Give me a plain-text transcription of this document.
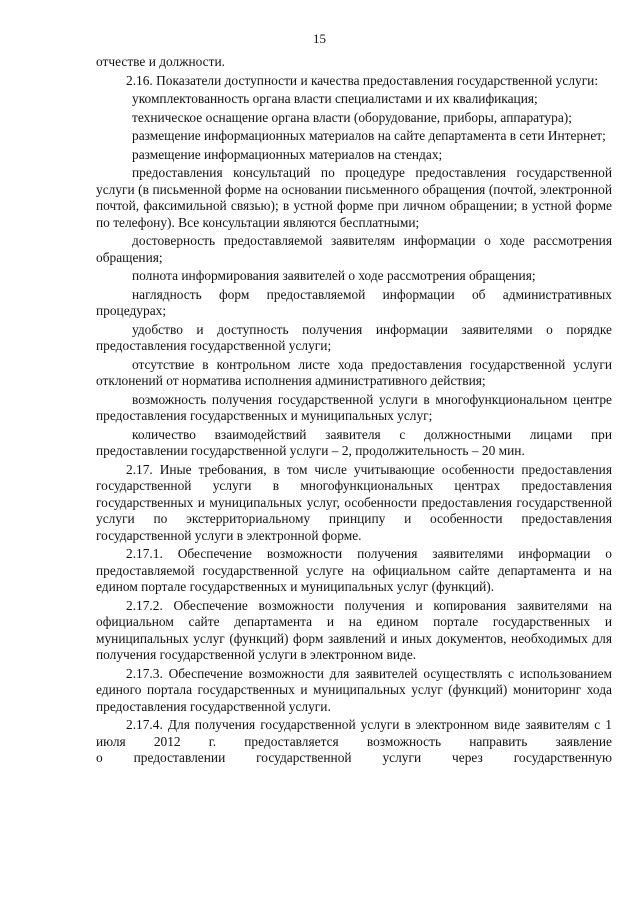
15

отчестве и должности.

2.16. Показатели доступности и качества предоставления государственной услуги:

укомплектованность органа власти специалистами и их квалификация;

техническое оснащение органа власти (оборудование, приборы, аппаратура);

размещение информационных материалов на сайте департамента в сети Интернет;

размещение информационных материалов на стендах;

предоставления консультаций по процедуре предоставления государственной услуги (в письменной форме на основании письменного обращения (почтой, электронной почтой, факсимильной связью); в устной форме при личном обращении; в устной форме по телефону). Все консультации являются бесплатными;

достоверность предоставляемой заявителям информации о ходе рассмотрения обращения;

полнота информирования заявителей о ходе рассмотрения обращения;

наглядность форм предоставляемой информации об административных процедурах;

удобство и доступность получения информации заявителями о порядке предоставления государственной услуги;

отсутствие в контрольном листе хода предоставления государственной услуги отклонений от норматива исполнения административного действия;

возможность получения государственной услуги в многофункциональном центре предоставления государственных и муниципальных услуг;

количество взаимодействий заявителя с должностными лицами при предоставлении государственной услуги – 2, продолжительность – 20 мин.

2.17. Иные требования, в том числе учитывающие особенности предоставления государственной услуги в многофункциональных центрах предоставления государственных и муниципальных услуг, особенности предоставления государственной услуги по экстерриториальному принципу и особенности предоставления государственной услуги в электронной форме.

2.17.1. Обеспечение возможности получения заявителями информации о предоставляемой государственной услуге на официальном сайте департамента и на едином портале государственных и муниципальных услуг (функций).

2.17.2. Обеспечение возможности получения и копирования заявителями на официальном сайте департамента и на едином портале государственных и муниципальных услуг (функций) форм заявлений и иных документов, необходимых для получения государственной услуги в электронном виде.

2.17.3. Обеспечение возможности для заявителей осуществлять с использованием единого портала государственных и муниципальных услуг (функций) мониторинг хода предоставления государственной услуги.

2.17.4. Для получения государственной услуги в электронном виде заявителям с 1 июля 2012 г. предоставляется возможность направить заявление

о предоставлении государственной услуги через государственную
